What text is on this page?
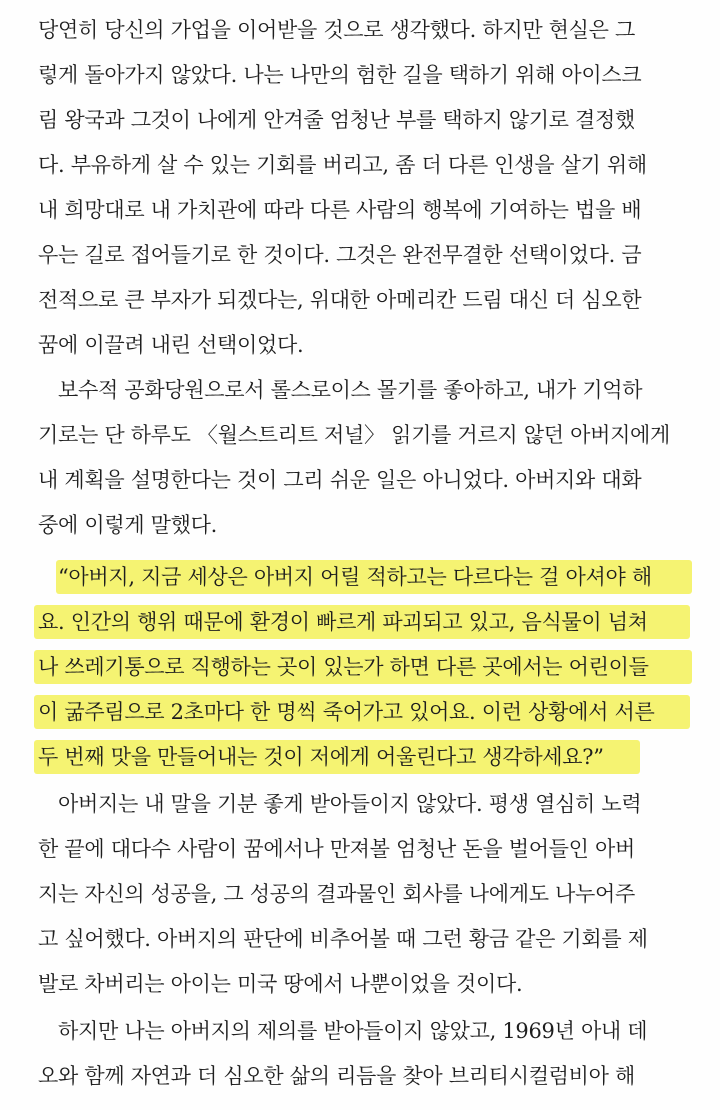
당연히 당신의 가업을 이어받을 것으로 생각했다. 하지만 현실은 그
렇게 돌아가지 않았다. 나는 나만의 험한 길을 택하기 위해 아이스크
림 왕국과 그것이 나에게 안겨줄 엄청난 부를 택하지 않기로 결정했
다. 부유하게 살 수 있는 기회를 버리고, 좀 더 다른 인생을 살기 위해
내 희망대로 내 가치관에 따라 다른 사람의 행복에 기여하는 법을 배
우는 길로 접어들기로 한 것이다. 그것은 완전무결한 선택이었다. 금
전적으로 큰 부자가 되겠다는, 위대한 아메리칸 드림 대신 더 심오한
꿈에 이끌려 내린 선택이었다.
보수적 공화당원으로서 롤스로이스 몰기를 좋아하고, 내가 기억하
기로는 단 하루도 〈월스트리트 저널〉 읽기를 거르지 않던 아버지에게
내 계획을 설명한다는 것이 그리 쉬운 일은 아니었다. 아버지와 대화
중에 이렇게 말했다.
“아버지, 지금 세상은 아버지 어릴 적하고는 다르다는 걸 아셔야 해
요. 인간의 행위 때문에 환경이 빠르게 파괴되고 있고, 음식물이 넘쳐
나 쓰레기통으로 직행하는 곳이 있는가 하면 다른 곳에서는 어린이들
이 굶주림으로 2초마다 한 명씩 죽어가고 있어요. 이런 상황에서 서른
두 번째 맛을 만들어내는 것이 저에게 어울린다고 생각하세요?”
아버지는 내 말을 기분 좋게 받아들이지 않았다. 평생 열심히 노력
한 끝에 대다수 사람이 꿈에서나 만져볼 엄청난 돈을 벌어들인 아버
지는 자신의 성공을, 그 성공의 결과물인 회사를 나에게도 나누어주
고 싶어했다. 아버지의 판단에 비추어볼 때 그런 황금 같은 기회를 제
발로 차버리는 아이는 미국 땅에서 나뿐이었을 것이다.
하지만 나는 아버지의 제의를 받아들이지 않았고, 1969년 아내 데
오와 함께 자연과 더 심오한 삶의 리듬을 찾아 브리티시컬럼비아 해
